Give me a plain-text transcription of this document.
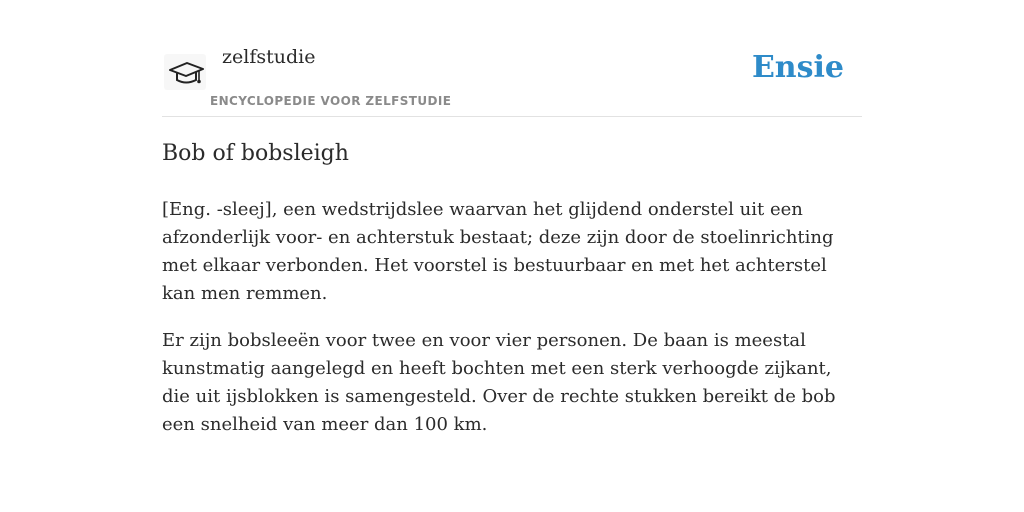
zelfstudie
ENCYCLOPEDIE VOOR ZELFSTUDIE
Ensie
Bob of bobsleigh

[Eng. -sleej], een wedstrijdslee waarvan het glijdend onderstel uit een afzonderlijk voor- en achterstuk bestaat; deze zijn door de stoelinrichting met elkaar verbonden. Het voorstel is bestuurbaar en met het achterstel kan men remmen.

Er zijn bobsleeën voor twee en voor vier personen. De baan is meestal kunstmatig aangelegd en heeft bochten met een sterk verhoogde zijkant, die uit ijsblokken is samengesteld. Over de rechte stukken bereikt de bob een snelheid van meer dan 100 km.
